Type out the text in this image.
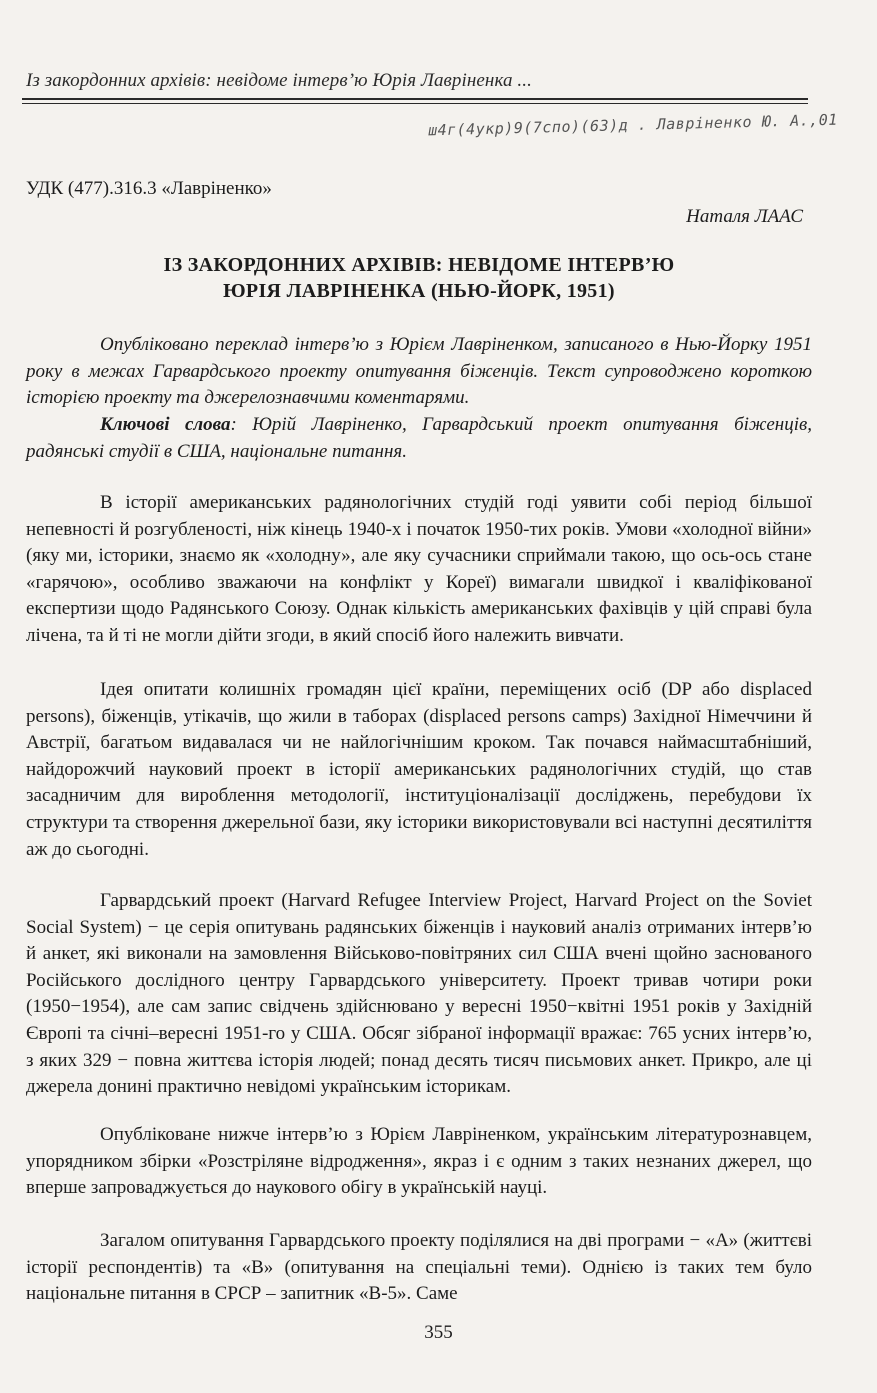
Із закордонних архівів: невідоме інтерв’ю Юрія Лавріненка ...
ш4г(4укр)9(7спо)(63)д . Лавріненко Ю. А.,01
УДК (477).316.3 «Лавріненко»
Наталя ЛААС
ІЗ ЗАКОРДОННИХ АРХІВІВ: НЕВІДОМЕ ІНТЕРВ’Ю
ЮРІЯ ЛАВРІНЕНКА (НЬЮ-ЙОРК, 1951)
Опубліковано переклад інтерв’ю з Юрієм Лавріненком, записаного в Нью-Йорку 1951 року в межах Гарвардського проекту опитування біженців. Текст супроводжено короткою історією проекту та джерелознавчими коментарями.
Ключові слова: Юрій Лавріненко, Гарвардський проект опитування біженців, радянські студії в США, національне питання.
В історії американських радянологічних студій годі уявити собі період більшої непевності й розгубленості, ніж кінець 1940-х і початок 1950-тих років. Умови «холодної війни» (яку ми, історики, знаємо як «холодну», але яку сучасники сприймали такою, що ось-ось стане «гарячою», особливо зважаючи на конфлікт у Кореї) вимагали швидкої і кваліфікованої експертизи щодо Радянського Союзу. Однак кількість американських фахівців у цій справі була лічена, та й ті не могли дійти згоди, в який спосіб його належить вивчати.
Ідея опитати колишніх громадян цієї країни, переміщених осіб (DP або displaced persons), біженців, утікачів, що жили в таборах (displaced persons camps) Західної Німеччини й Австрії, багатьом видавалася чи не найлогічнішим кроком. Так почався наймасштабніший, найдорожчий науковий проект в історії американських радянологічних студій, що став засадничим для вироблення методології, інституціоналізації досліджень, перебудови їх структури та створення джерельної бази, яку історики використовували всі наступні десятиліття аж до сьогодні.
Гарвардський проект (Harvard Refugee Interview Project, Harvard Project on the Soviet Social System) − це серія опитувань радянських біженців і науковий аналіз отриманих інтерв’ю й анкет, які виконали на замовлення Військово-повітряних сил США вчені щойно заснованого Російського дослідного центру Гарвардського університету. Проект тривав чотири роки (1950−1954), але сам запис свідчень здійснювано у вересні 1950−квітні 1951 років у Західній Європі та січні–вересні 1951-го у США. Обсяг зібраної інформації вражає: 765 усних інтерв’ю, з яких 329 − повна життєва історія людей; понад десять тисяч письмових анкет. Прикро, але ці джерела донині практично невідомі українським історикам.
Опубліковане нижче інтерв’ю з Юрієм Лавріненком, українським літературознавцем, упорядником збірки «Розстріляне відродження», якраз і є одним з таких незнаних джерел, що вперше запроваджується до наукового обігу в українській науці.
Загалом опитування Гарвардського проекту поділялися на дві програми − «А» (життєві історії респондентів) та «В» (опитування на спеціальні теми). Однією із таких тем було національне питання в СРСР – запитник «В-5». Саме
355
